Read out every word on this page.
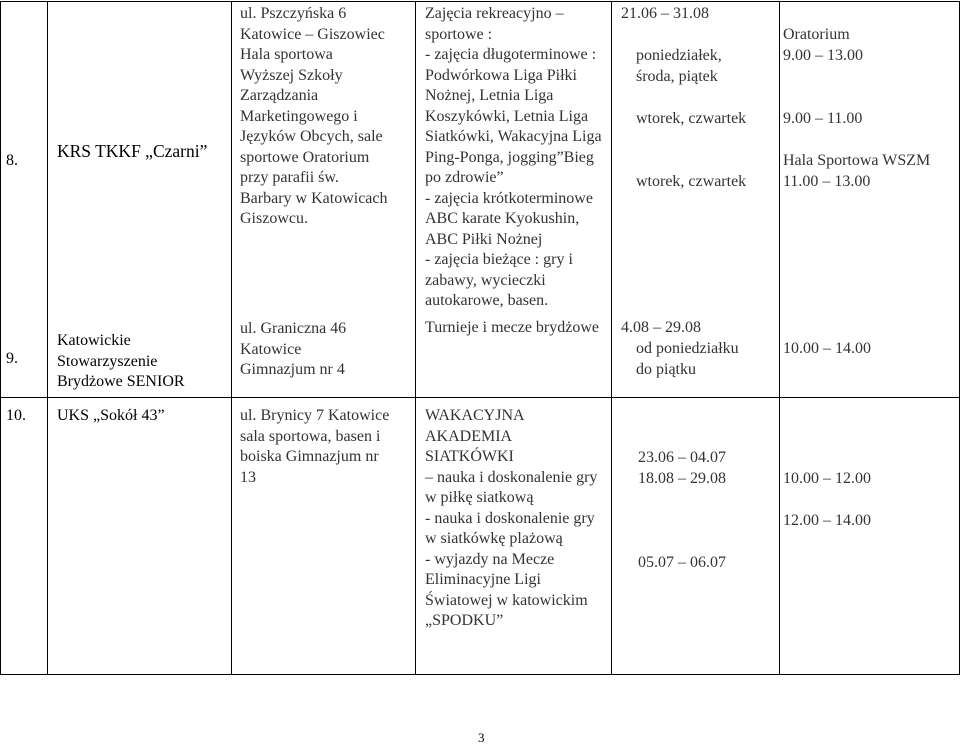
8.
9.
KRS TKKF „Czarni”
Katowickie
Stowarzyszenie
Brydżowe SENIOR
ul. Pszczyńska 6
Katowice – Giszowiec
Hala sportowa
Wyższej Szkoły
Zarządzania
Marketingowego i
Języków Obcych, sale
sportowe Oratorium
przy parafii św.
Barbary w Katowicach
Giszowcu.
ul. Graniczna 46
Katowice
Gimnazjum nr 4
Zajęcia rekreacyjno –
sportowe :
- zajęcia długoterminowe :
Podwórkowa Liga Piłki
Nożnej, Letnia Liga
Koszykówki, Letnia Liga
Siatkówki, Wakacyjna Liga
Ping-Ponga, jogging”Bieg
po zdrowie”
- zajęcia krótkoterminowe
ABC karate Kyokushin,
ABC Piłki Nożnej
- zajęcia bieżące : gry i
zabawy, wycieczki
autokarowe, basen.
Turnieje i mecze brydżowe
21.06 – 31.08
poniedziałek,
środa, piątek
wtorek, czwartek
wtorek, czwartek
4.08 – 29.08
od poniedziałku
do piątku
Oratorium
9.00 – 13.00
9.00 – 11.00
Hala Sportowa WSZM
11.00 – 13.00
10.00 – 14.00
10. UKS „Sokół 43”	ul. Brynicy 7 Katowice
sala sportowa, basen i
boiska Gimnazjum nr
13
WAKACYJNA
AKADEMIA
SIATKÓWKI
– nauka i doskonalenie gry
w piłkę siatkową
- nauka i doskonalenie gry
w siatkówkę plażową
- wyjazdy na Mecze
Eliminacyjne Ligi
Światowej w katowickim
„SPODKU”
23.06 – 04.07
18.08 – 29.08
05.07 – 06.07
10.00 – 12.00
12.00 – 14.00
3
